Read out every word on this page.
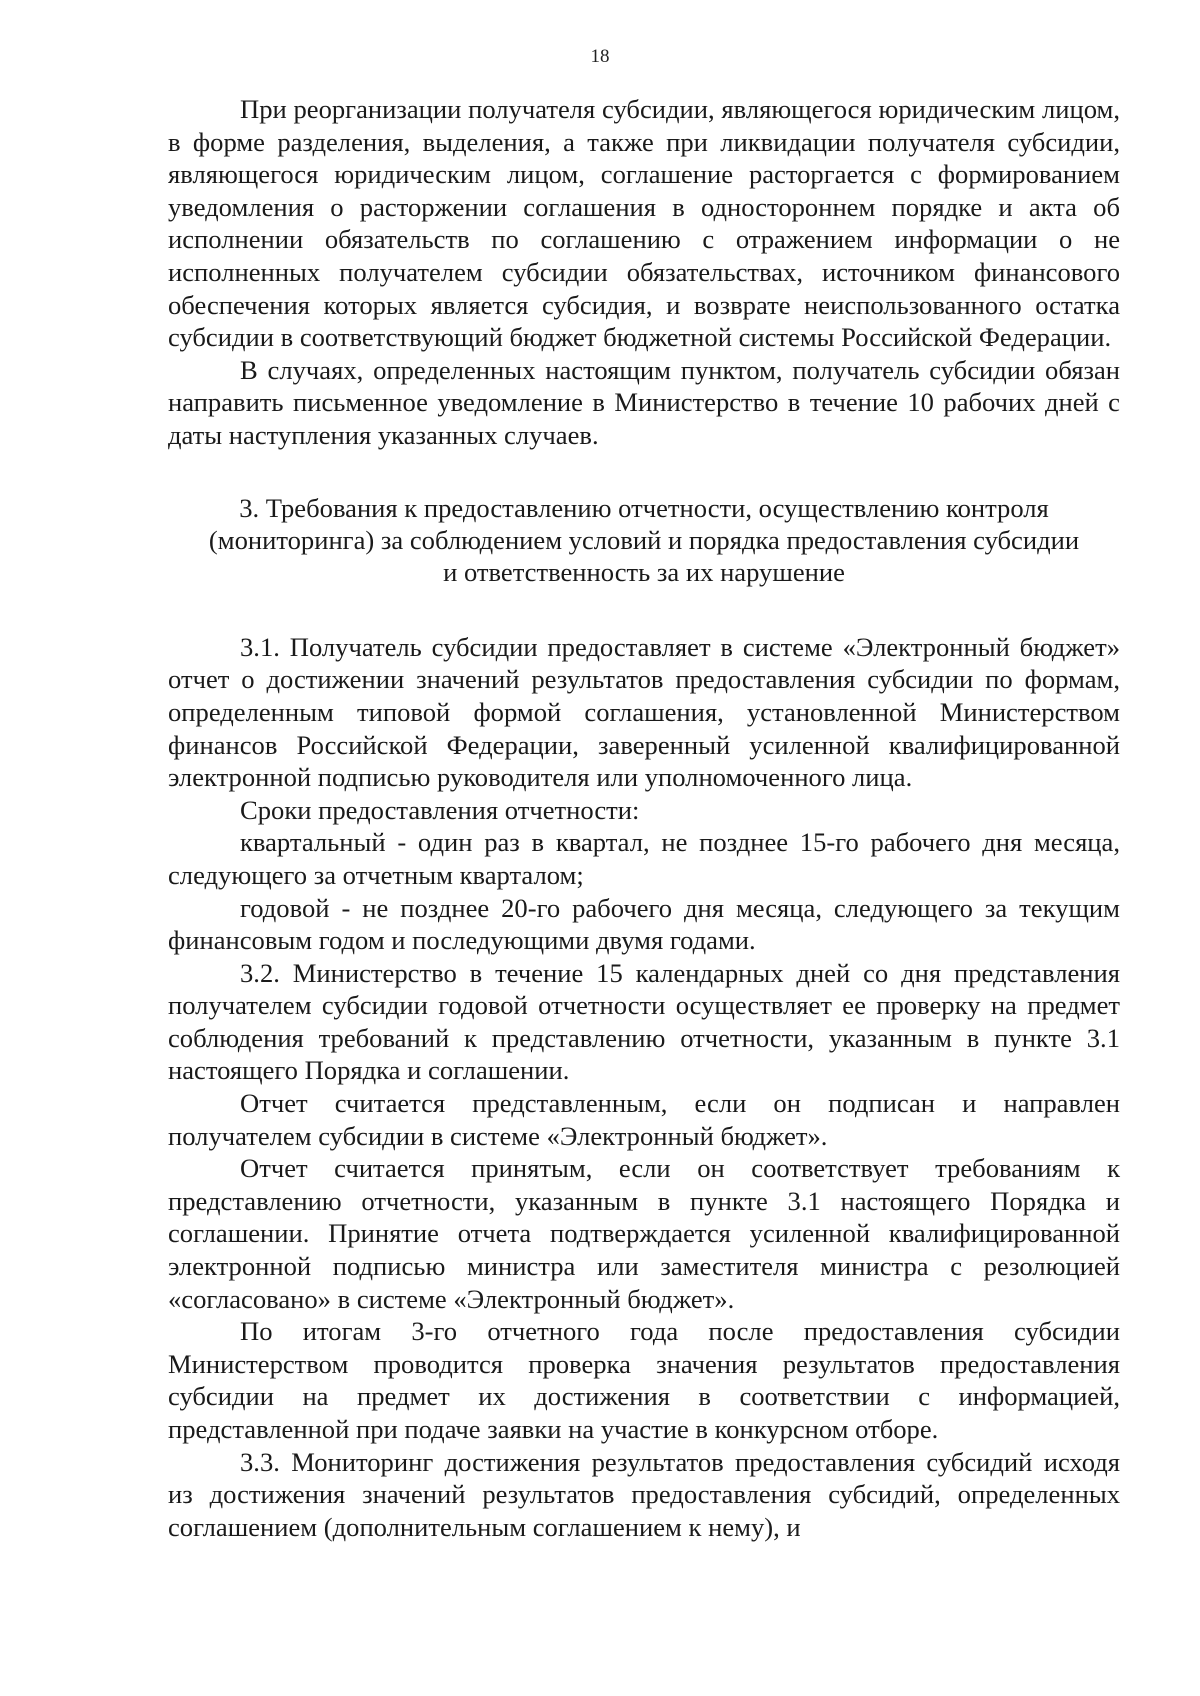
18

При реорганизации получателя субсидии, являющегося юридическим лицом, в форме разделения, выделения, а также при ликвидации получателя субсидии, являющегося юридическим лицом, соглашение расторгается с формированием уведомления о расторжении соглашения в одностороннем порядке и акта об исполнении обязательств по соглашению с отражением информации о не исполненных получателем субсидии обязательствах, источником финансового обеспечения которых является субсидия, и возврате неиспользованного остатка субсидии в соответствующий бюджет бюджетной системы Российской Федерации.

В случаях, определенных настоящим пунктом, получатель субсидии обязан направить письменное уведомление в Министерство в течение 10 рабочих дней с даты наступления указанных случаев.

3. Требования к предоставлению отчетности, осуществлению контроля
(мониторинга) за соблюдением условий и порядка предоставления субсидии
и ответственность за их нарушение

3.1. Получатель субсидии предоставляет в системе «Электронный бюджет» отчет о достижении значений результатов предоставления субсидии по формам, определенным типовой формой соглашения, установленной Министерством финансов Российской Федерации, заверенный усиленной квалифицированной электронной подписью руководителя или уполномоченного лица.

Сроки предоставления отчетности:

квартальный - один раз в квартал, не позднее 15-го рабочего дня месяца, следующего за отчетным кварталом;

годовой - не позднее 20-го рабочего дня месяца, следующего за текущим финансовым годом и последующими двумя годами.

3.2. Министерство в течение 15 календарных дней со дня представления получателем субсидии годовой отчетности осуществляет ее проверку на предмет соблюдения требований к представлению отчетности, указанным в пункте 3.1 настоящего Порядка и соглашении.

Отчет считается представленным, если он подписан и направлен получателем субсидии в системе «Электронный бюджет».

Отчет считается принятым, если он соответствует требованиям к представлению отчетности, указанным в пункте 3.1 настоящего Порядка и соглашении. Принятие отчета подтверждается усиленной квалифицированной электронной подписью министра или заместителя министра с резолюцией «согласовано» в системе «Электронный бюджет».

По итогам 3-го отчетного года после предоставления субсидии Министерством проводится проверка значения результатов предоставления субсидии на предмет их достижения в соответствии с информацией, представленной при подаче заявки на участие в конкурсном отборе.

3.3. Мониторинг достижения результатов предоставления субсидий исходя из достижения значений результатов предоставления субсидий, определенных соглашением (дополнительным соглашением к нему), и
